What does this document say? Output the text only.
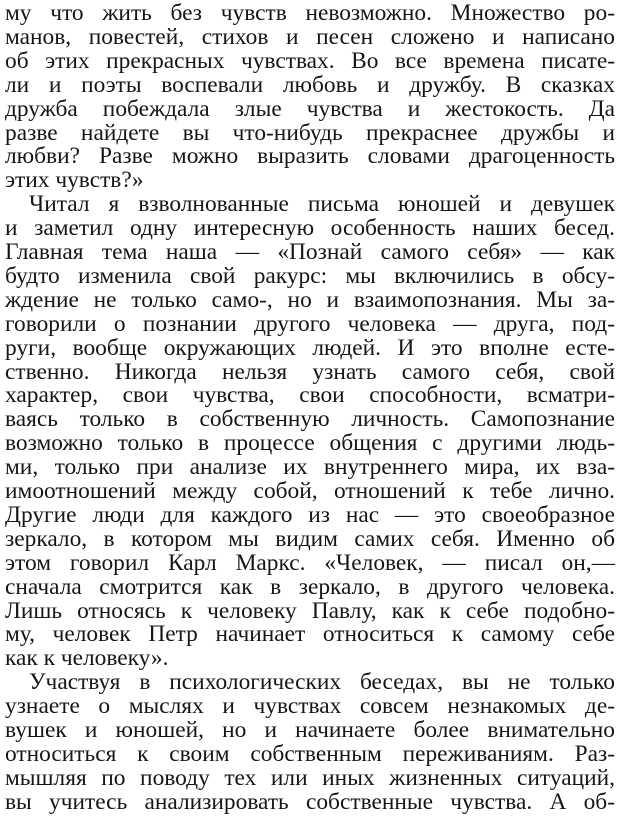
му что жить без чувств невозможно. Множество ро-
манов, повестей, стихов и песен сложено и написано
об этих прекрасных чувствах. Во все времена писате-
ли и поэты воспевали любовь и дружбу. В сказках
дружба побеждала злые чувства и жестокость. Да
разве найдете вы что-нибудь прекраснее дружбы и
любви? Разве можно выразить словами драгоценность
этих чувств?»
Читал я взволнованные письма юношей и девушек
и заметил одну интересную особенность наших бесед.
Главная тема наша — «Познай самого себя» — как
будто изменила свой ракурс: мы включились в обсу-
ждение не только само-, но и взаимопознания. Мы за-
говорили о познании другого человека — друга, под-
руги, вообще окружающих людей. И это вполне есте-
ственно. Никогда нельзя узнать самого себя, свой
характер, свои чувства, свои способности, всматри-
ваясь только в собственную личность. Самопознание
возможно только в процессе общения с другими людь-
ми, только при анализе их внутреннего мира, их вза-
имоотношений между собой, отношений к тебе лично.
Другие люди для каждого из нас — это своеобразное
зеркало, в котором мы видим самих себя. Именно об
этом говорил Карл Маркс. «Человек, — писал он,—
сначала смотрится как в зеркало, в другого человека.
Лишь относясь к человеку Павлу, как к себе подобно-
му, человек Петр начинает относиться к самому себе
как к человеку».
Участвуя в психологических беседах, вы не только
узнаете о мыслях и чувствах совсем незнакомых де-
вушек и юношей, но и начинаете более внимательно
относиться к своим собственным переживаниям. Раз-
мышляя по поводу тех или иных жизненных ситуаций,
вы учитесь анализировать собственные чувства. А об-
